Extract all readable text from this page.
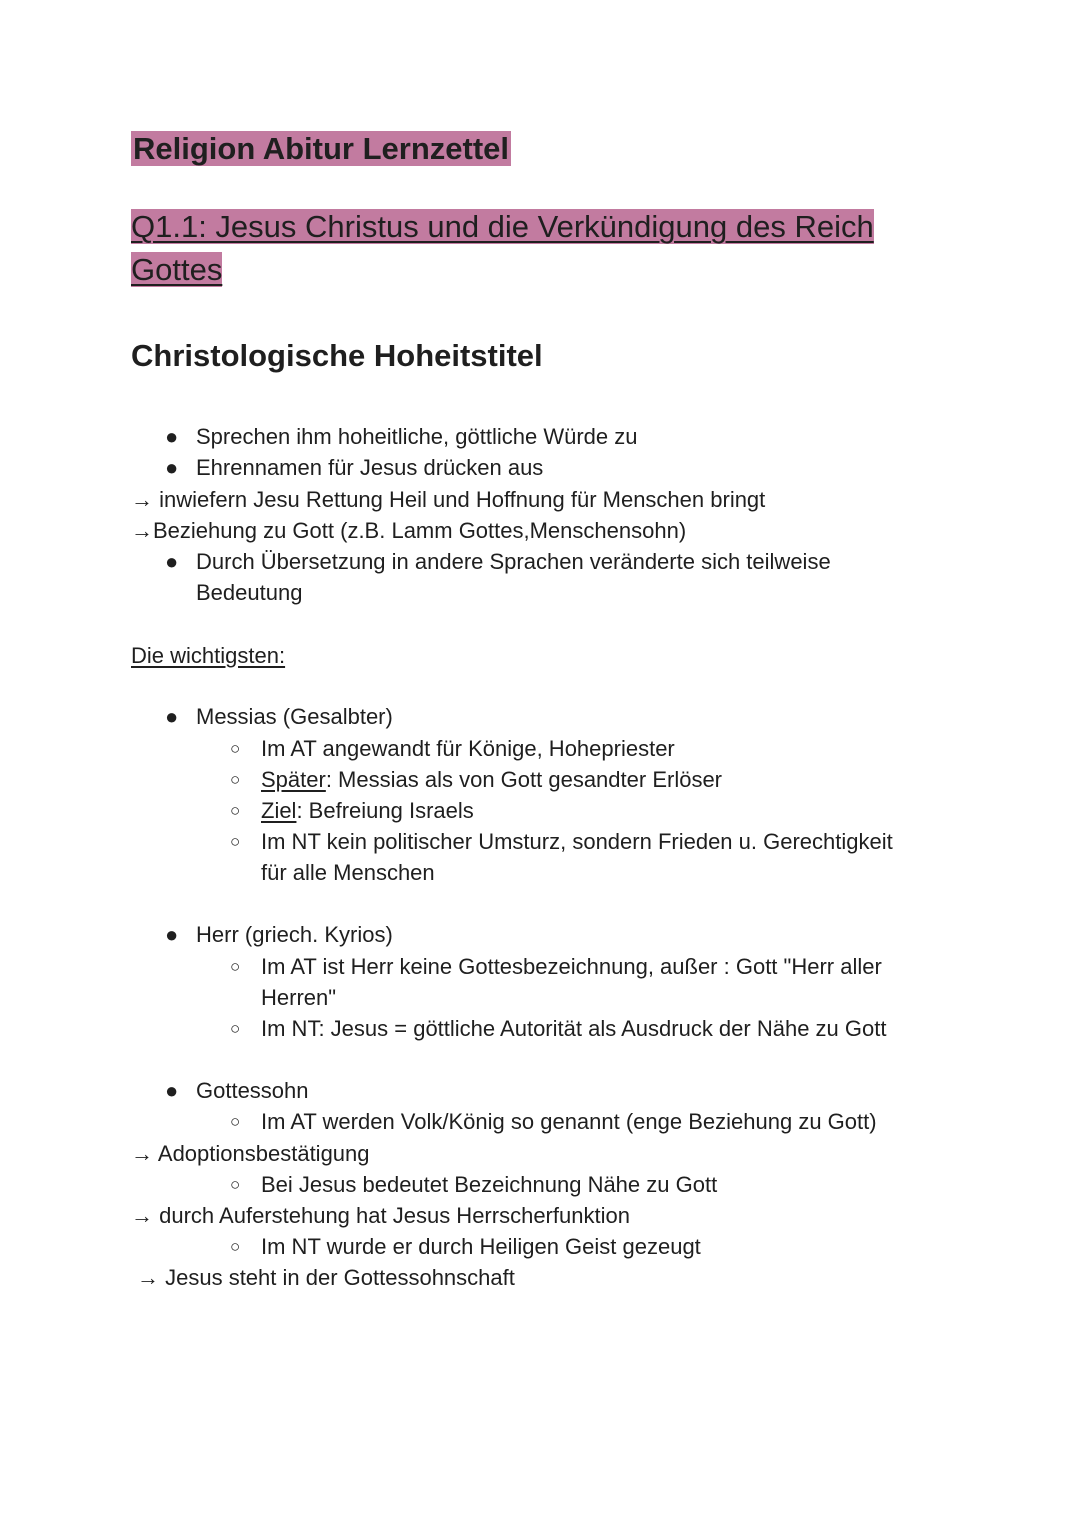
Religion Abitur Lernzettel
Q1.1: Jesus Christus und die Verkündigung des Reich Gottes
Christologische Hoheitstitel
● Sprechen ihm hoheitliche, göttliche Würde zu
● Ehrennamen für Jesus drücken aus
→ inwiefern Jesu Rettung Heil und Hoffnung für Menschen bringt
→Beziehung zu Gott (z.B. Lamm Gottes,Menschensohn)
● Durch Übersetzung in andere Sprachen veränderte sich teilweise
Bedeutung
Die wichtigsten:
● Messias (Gesalbter)
○ Im AT angewandt für Könige, Hohepriester
○ Später: Messias als von Gott gesandter Erlöser
○ Ziel: Befreiung Israels
○ Im NT kein politischer Umsturz, sondern Frieden u. Gerechtigkeit
für alle Menschen
● Herr (griech. Kyrios)
○ Im AT ist Herr keine Gottesbezeichnung, außer : Gott "Herr aller
Herren"
○ Im NT: Jesus = göttliche Autorität als Ausdruck der Nähe zu Gott
● Gottessohn
○ Im AT werden Volk/König so genannt (enge Beziehung zu Gott)
→ Adoptionsbestätigung
○ Bei Jesus bedeutet Bezeichnung Nähe zu Gott
→ durch Auferstehung hat Jesus Herrscherfunktion
○ Im NT wurde er durch Heiligen Geist gezeugt
→ Jesus steht in der Gottessohnschaft
